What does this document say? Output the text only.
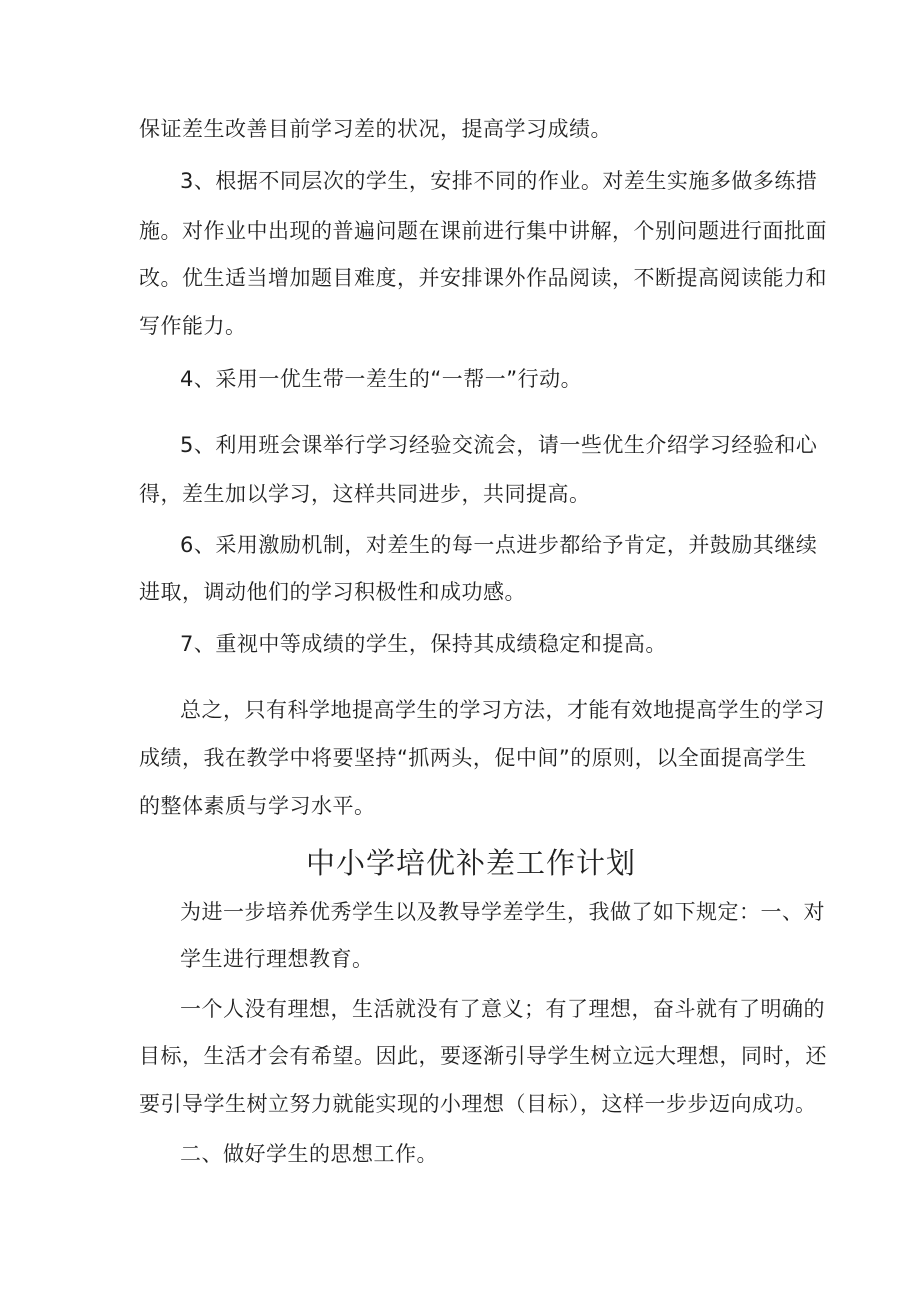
保证差生改善目前学习差的状况，提高学习成绩。
3、根据不同层次的学生，安排不同的作业。对差生实施多做多练措
施。对作业中出现的普遍问题在课前进行集中讲解，个别问题进行面批面
改。优生适当增加题目难度，并安排课外作品阅读，不断提高阅读能力和
写作能力。
4、采用一优生带一差生的“一帮一”行动。
5、利用班会课举行学习经验交流会，请一些优生介绍学习经验和心
得，差生加以学习，这样共同进步，共同提高。
6、采用激励机制，对差生的每一点进步都给予肯定，并鼓励其继续
进取，调动他们的学习积极性和成功感。
7、重视中等成绩的学生，保持其成绩稳定和提高。
总之，只有科学地提高学生的学习方法，才能有效地提高学生的学习
成绩，我在教学中将要坚持“抓两头，促中间”的原则，以全面提高学生
的整体素质与学习水平。
中小学培优补差工作计划
为进一步培养优秀学生以及教导学差学生，我做了如下规定：一、对
学生进行理想教育。
一个人没有理想，生活就没有了意义；有了理想，奋斗就有了明确的
目标，生活才会有希望。因此，要逐渐引导学生树立远大理想，同时，还
要引导学生树立努力就能实现的小理想（目标），这样一步步迈向成功。
二、做好学生的思想工作。
